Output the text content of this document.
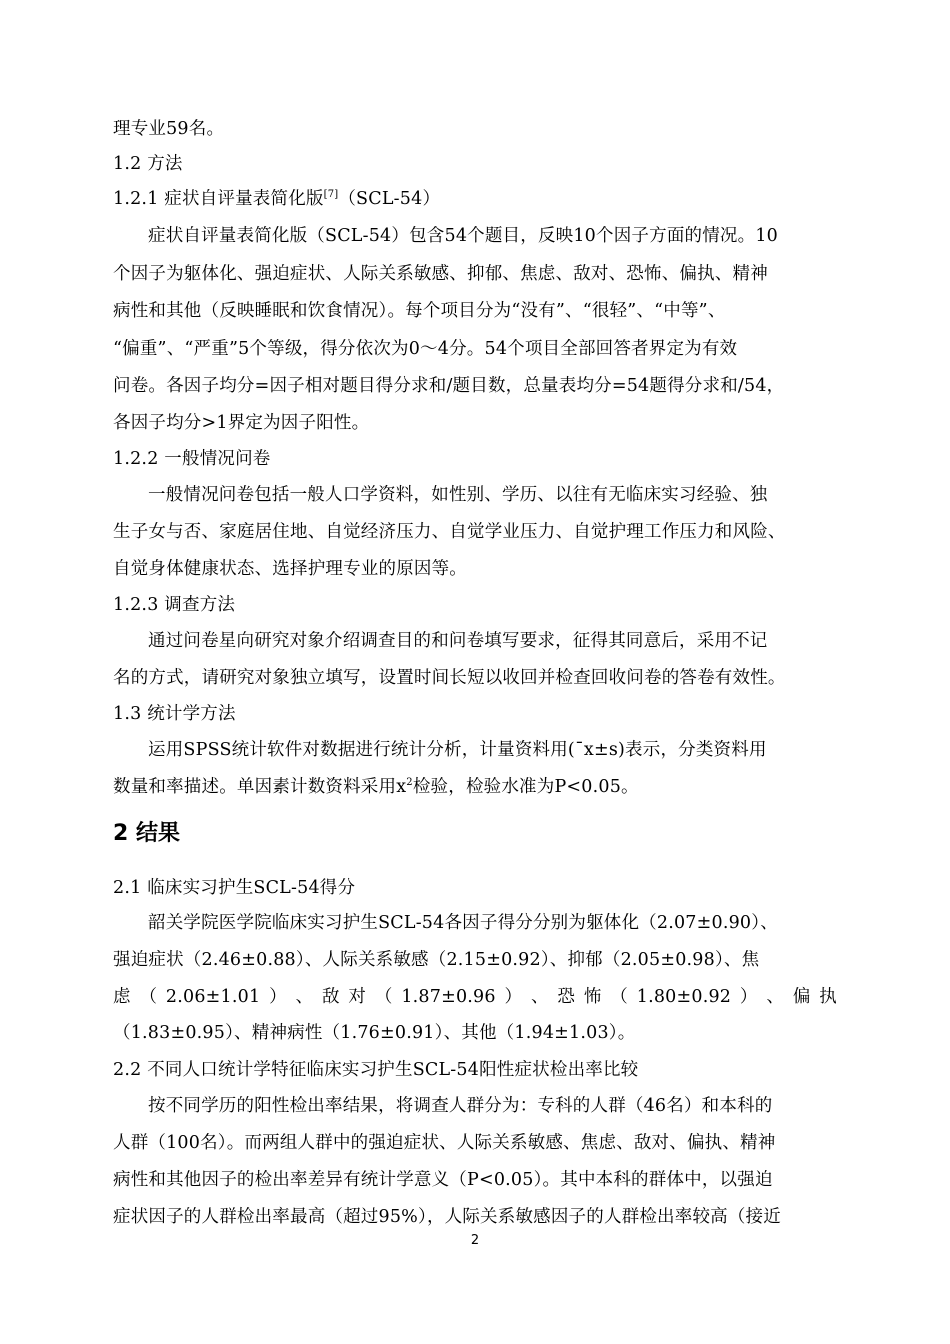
理专业59名。
1.2 方法
1.2.1 症状自评量表简化版[7]（SCL-54）
症状自评量表简化版（SCL-54）包含54个题目，反映10个因子方面的情况。10
个因子为躯体化、强迫症状、人际关系敏感、抑郁、焦虑、敌对、恐怖、偏执、精神
病性和其他（反映睡眠和饮食情况）。每个项目分为“没有”、“很轻”、“中等”、
“偏重”、“严重”5个等级，得分依次为0～4分。54个项目全部回答者界定为有效
问卷。各因子均分=因子相对题目得分求和/题目数，总量表均分=54题得分求和/54，
各因子均分>1界定为因子阳性。
1.2.2 一般情况问卷
一般情况问卷包括一般人口学资料，如性别、学历、以往有无临床实习经验、独
生子女与否、家庭居住地、自觉经济压力、自觉学业压力、自觉护理工作压力和风险、
自觉身体健康状态、选择护理专业的原因等。
1.2.3 调查方法
通过问卷星向研究对象介绍调查目的和问卷填写要求，征得其同意后，采用不记
名的方式，请研究对象独立填写，设置时间长短以收回并检查回收问卷的答卷有效性。
1.3 统计学方法
运用SPSS统计软件对数据进行统计分析，计量资料用(¯x±s)表示，分类资料用
数量和率描述。单因素计数资料采用$x^2$检验，检验水准为P<0.05。
2 结果
2.1 临床实习护生SCL-54得分
韶关学院医学院临床实习护生SCL-54各因子得分分别为躯体化（2.07±0.90）、
强迫症状（2.46±0.88）、人际关系敏感（2.15±0.92）、抑郁（2.05±0.98）、焦
虑 （ 2.06±1.01 ） 、 敌 对 （ 1.87±0.96 ） 、 恐 怖 （ 1.80±0.92 ） 、 偏 执
（1.83±0.95）、精神病性（1.76±0.91）、其他（1.94±1.03）。
2.2 不同人口统计学特征临床实习护生SCL-54阳性症状检出率比较
按不同学历的阳性检出率结果，将调查人群分为：专科的人群（46名）和本科的
人群（100名）。而两组人群中的强迫症状、人际关系敏感、焦虑、敌对、偏执、精神
病性和其他因子的检出率差异有统计学意义（P<0.05）。其中本科的群体中，以强迫
症状因子的人群检出率最高（超过95%），人际关系敏感因子的人群检出率较高（接近
2
